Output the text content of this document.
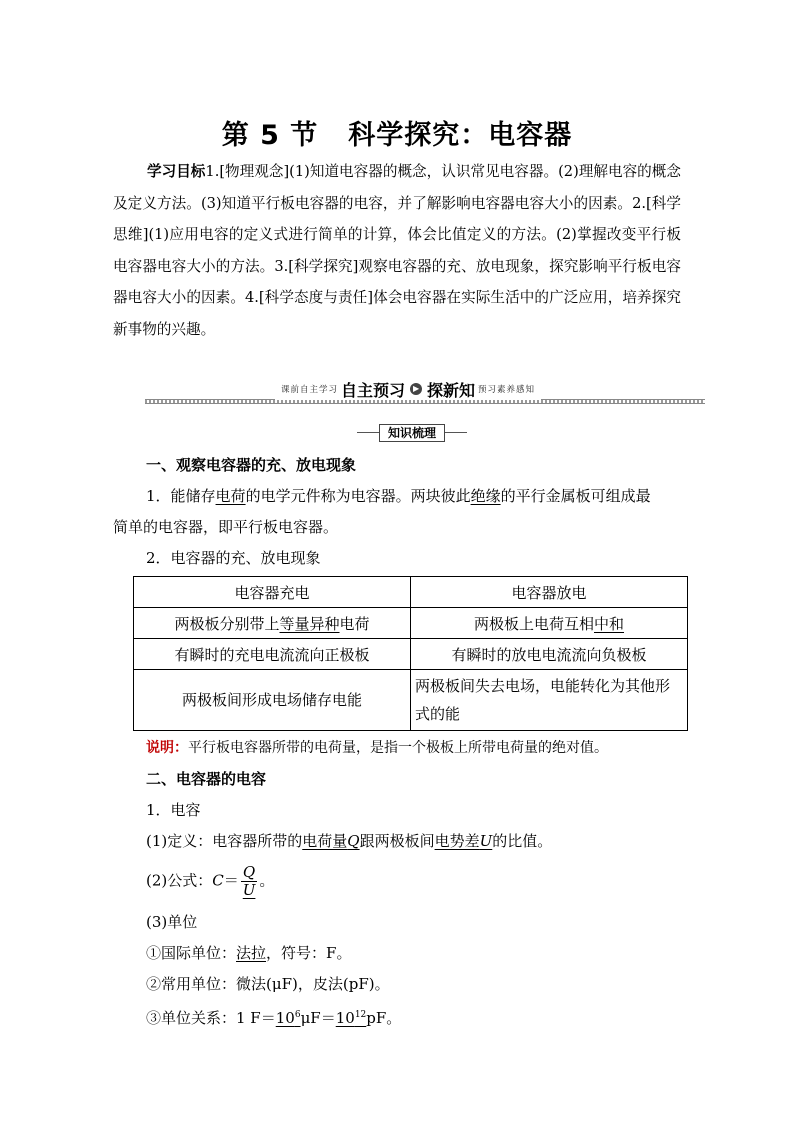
第 5 节 科学探究：电容器
学习目标1.[物理观念](1)知道电容器的概念，认识常见电容器。(2)理解电容的概念及定义方法。(3)知道平行板电容器的电容，并了解影响电容器电容大小的因素。2.[科学思维](1)应用电容的定义式进行简单的计算，体会比值定义的方法。(2)掌握改变平行板电容器电容大小的方法。3.[科学探究]观察电容器的充、放电现象，探究影响平行板电容器电容大小的因素。4.[科学态度与责任]体会电容器在实际生活中的广泛应用，培养探究新事物的兴趣。
课前自主学习 自主预习 ▶ 探新知 预习素养感知
知识梳理
一、观察电容器的充、放电现象
1．能储存电荷的电学元件称为电容器。两块彼此绝缘的平行金属板可组成最
简单的电容器，即平行板电容器。
2．电容器的充、放电现象
电容器充电	电容器放电
两极板分别带上等量异种电荷	两极板上电荷互相中和
有瞬时的充电电流流向正极板	有瞬时的放电电流流向负极板
两极板间形成电场储存电能	两极板间失去电场，电能转化为其他形式的能
说明：平行板电容器所带的电荷量，是指一个极板上所带电荷量的绝对值。
二、电容器的电容
1．电容
(1)定义：电容器所带的电荷量Q跟两极板间电势差U的比值。
(2)公式：$C= \frac{Q}{U}$ 。
(3)单位
①国际单位：法拉，符号：F。
②常用单位：微法(μF)，皮法(pF)。
③单位关系：1 $F=10^6\mu F=10^{12}pF$。
